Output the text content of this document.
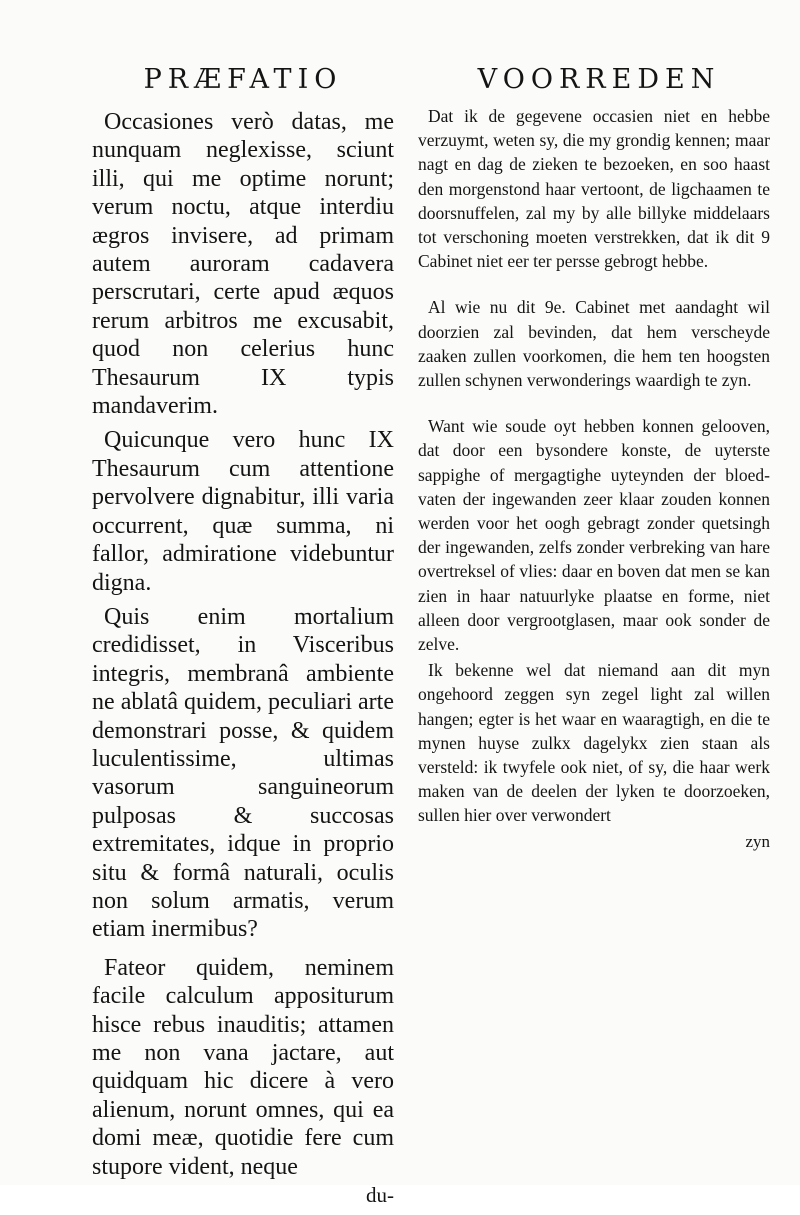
PRÆFATIO

Occasiones verò datas, me nunquam neglexisse, sciunt illi, qui me optime norunt; verum noctu, atque interdiu ægros invisere, ad primam autem auroram cadavera perscrutari, certe apud æquos rerum arbitros me excusabit, quod non celerius hunc Thesaurum IX typis mandaverim.

Quicunque vero hunc IX Thesaurum cum attentione pervolvere dignabitur, illi varia occurrent, quæ summa, ni fallor, admiratione videbuntur digna.

Quis enim mortalium credidisset, in Visceribus integris, membranâ ambiente ne ablatâ quidem, peculiari arte demonstrari posse, & quidem luculentissime, ultimas vasorum sanguineorum pulposas & succosas extremitates, idque in proprio situ & formâ naturali, oculis non solum armatis, verum etiam inermibus?

Fateor quidem, neminem facile calculum appositurum hisce rebus inauditis; attamen me non vana jactare, aut quidquam hic dicere à vero alienum, norunt omnes, qui ea domi meæ, quotidie fere cum stupore vident, neque

du-

VOORREDEN

Dat ik de gegevene occasien niet en hebbe verzuymt, weten sy, die my grondig kennen; maar nagt en dag de zieken te bezoeken, en soo haast den morgenstond haar vertoont, de ligchaamen te doorsnuffelen, zal my by alle billyke middelaars tot verschoning moeten verstrekken, dat ik dit 9 Cabinet niet eer ter persse gebrogt hebbe.

Al wie nu dit 9e. Cabinet met aandaght wil doorzien zal bevinden, dat hem verscheyde zaaken zullen voorkomen, die hem ten hoogsten zullen schynen verwonderings waardigh te zyn.

Want wie soude oyt hebben konnen gelooven, dat door een bysondere konste, de uyterste sappighe of mergagtighe uyteynden der bloed-vaten der ingewanden zeer klaar zouden konnen werden voor het oogh gebragt zonder quetsingh der ingewanden, zelfs zonder verbreking van hare overtreksel of vlies: daar en boven dat men se kan zien in haar natuurlyke plaatse en forme, niet alleen door vergrootglasen, maar ook sonder de zelve.

Ik bekenne wel dat niemand aan dit myn ongehoord zeggen syn zegel light zal willen hangen; egter is het waar en waaragtigh, en die te mynen huyse zulkx dagelykx zien staan als versteld: ik twyfele ook niet, of sy, die haar werk maken van de deelen der lyken te doorzoeken, sullen hier over verwondert

zyn
